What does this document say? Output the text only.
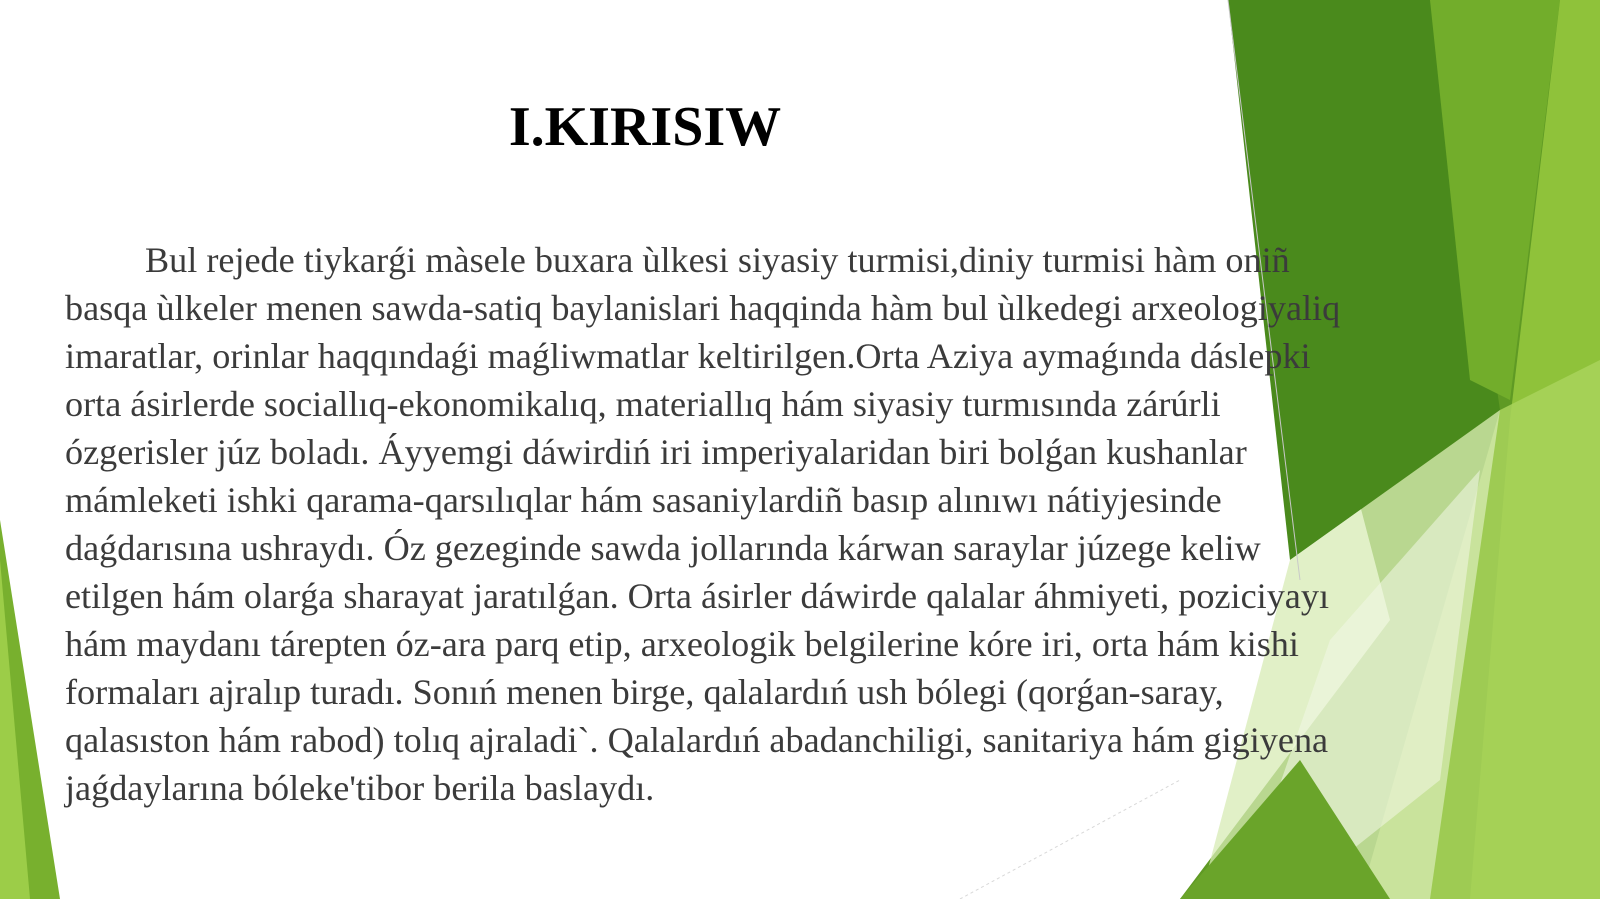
I.KIRISIW

Bul rejede tiykarǵi màsele buxara ùlkesi siyasiy turmisi,diniy turmisi hàm oniñ
basqa ùlkeler menen sawda-satiq baylanislari haqqinda hàm bul ùlkedegi arxeologiyaliq
imaratlar, orinlar haqqındaǵi maǵliwmatlar keltirilgen.Orta Aziya aymaǵında dáslepki
orta ásirlerde sociallıq-ekonomikalıq, materiallıq hám siyasiy turmısında zárúrli
ózgerisler júz boladı. Áyyemgi dáwirdiń iri imperiyalaridan biri bolǵan kushanlar
mámleketi ishki qarama-qarsılıqlar hám sasaniylardiñ basıp alınıwı nátiyjesinde
daǵdarısına ushraydı. Óz gezeginde sawda jollarında kárwan saraylar júzege keliw
etilgen hám olarǵa sharayat jaratılǵan. Orta ásirler dáwirde qalalar áhmiyeti, poziciyayı
hám maydanı tárepten óz-ara parq etip, arxeologik belgilerine kóre iri, orta hám kishi
formaları ajralıp turadı. Sonıń menen birge, qalalardıń ush bólegi (qorǵan-saray,
qalasıston hám rabod) tolıq ajraladi`. Qalalardıń abadanchiligi, sanitariya hám gigiyena
jaǵdaylarına bóleke'tibor berila baslaydı.
